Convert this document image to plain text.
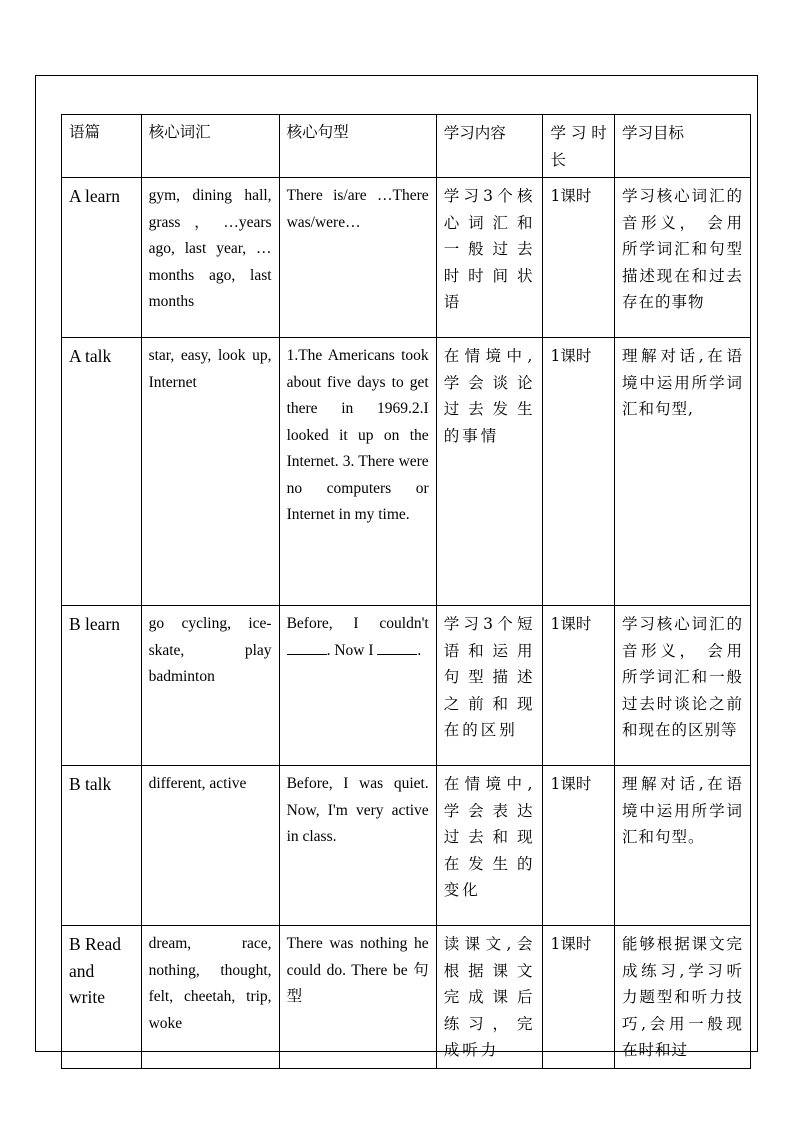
语篇	核心词汇	核心句型	学习内容	学 习 时长	学习目标
A learn	gym, dining hall, grass，…years ago, last year, …months ago, last months	There is/are …There was/were…	学习3个核心词汇和一般过去时时间状语	1课时	学习核心词汇的音形义， 会用所学词汇和句型描述现在和过去存在的事物
A talk	star, easy, look up, Internet	1.The Americans took about five days to get there in 1969.2.I looked it up on the Internet. 3. There were no computers or Internet in my time.	在情境中,学会谈论过去发生的事情	1课时	理解对话,在语境中运用所学词汇和句型,
B learn	go cycling, ice-skate, play badminton	Before, I couldn't . Now I .	学习3个短语和运用句型描述之前和现在的区别	1课时	学习核心词汇的音形义， 会用所学词汇和一般过去时谈论之前和现在的区别等
B talk	different, active	Before, I was quiet. Now, I'm very active in class.	在情境中,学会表达过去和现在发生的变化	1课时	理解对话,在语境中运用所学词汇和句型。
B Read and write	dream, race, nothing, thought, felt, cheetah, trip, woke	There was nothing he could do. There be 句型	读课文,会根据课文完成课后练习，完成听力	1课时	能够根据课文完成练习,学习听力题型和听力技巧,会用一般现在时和过
